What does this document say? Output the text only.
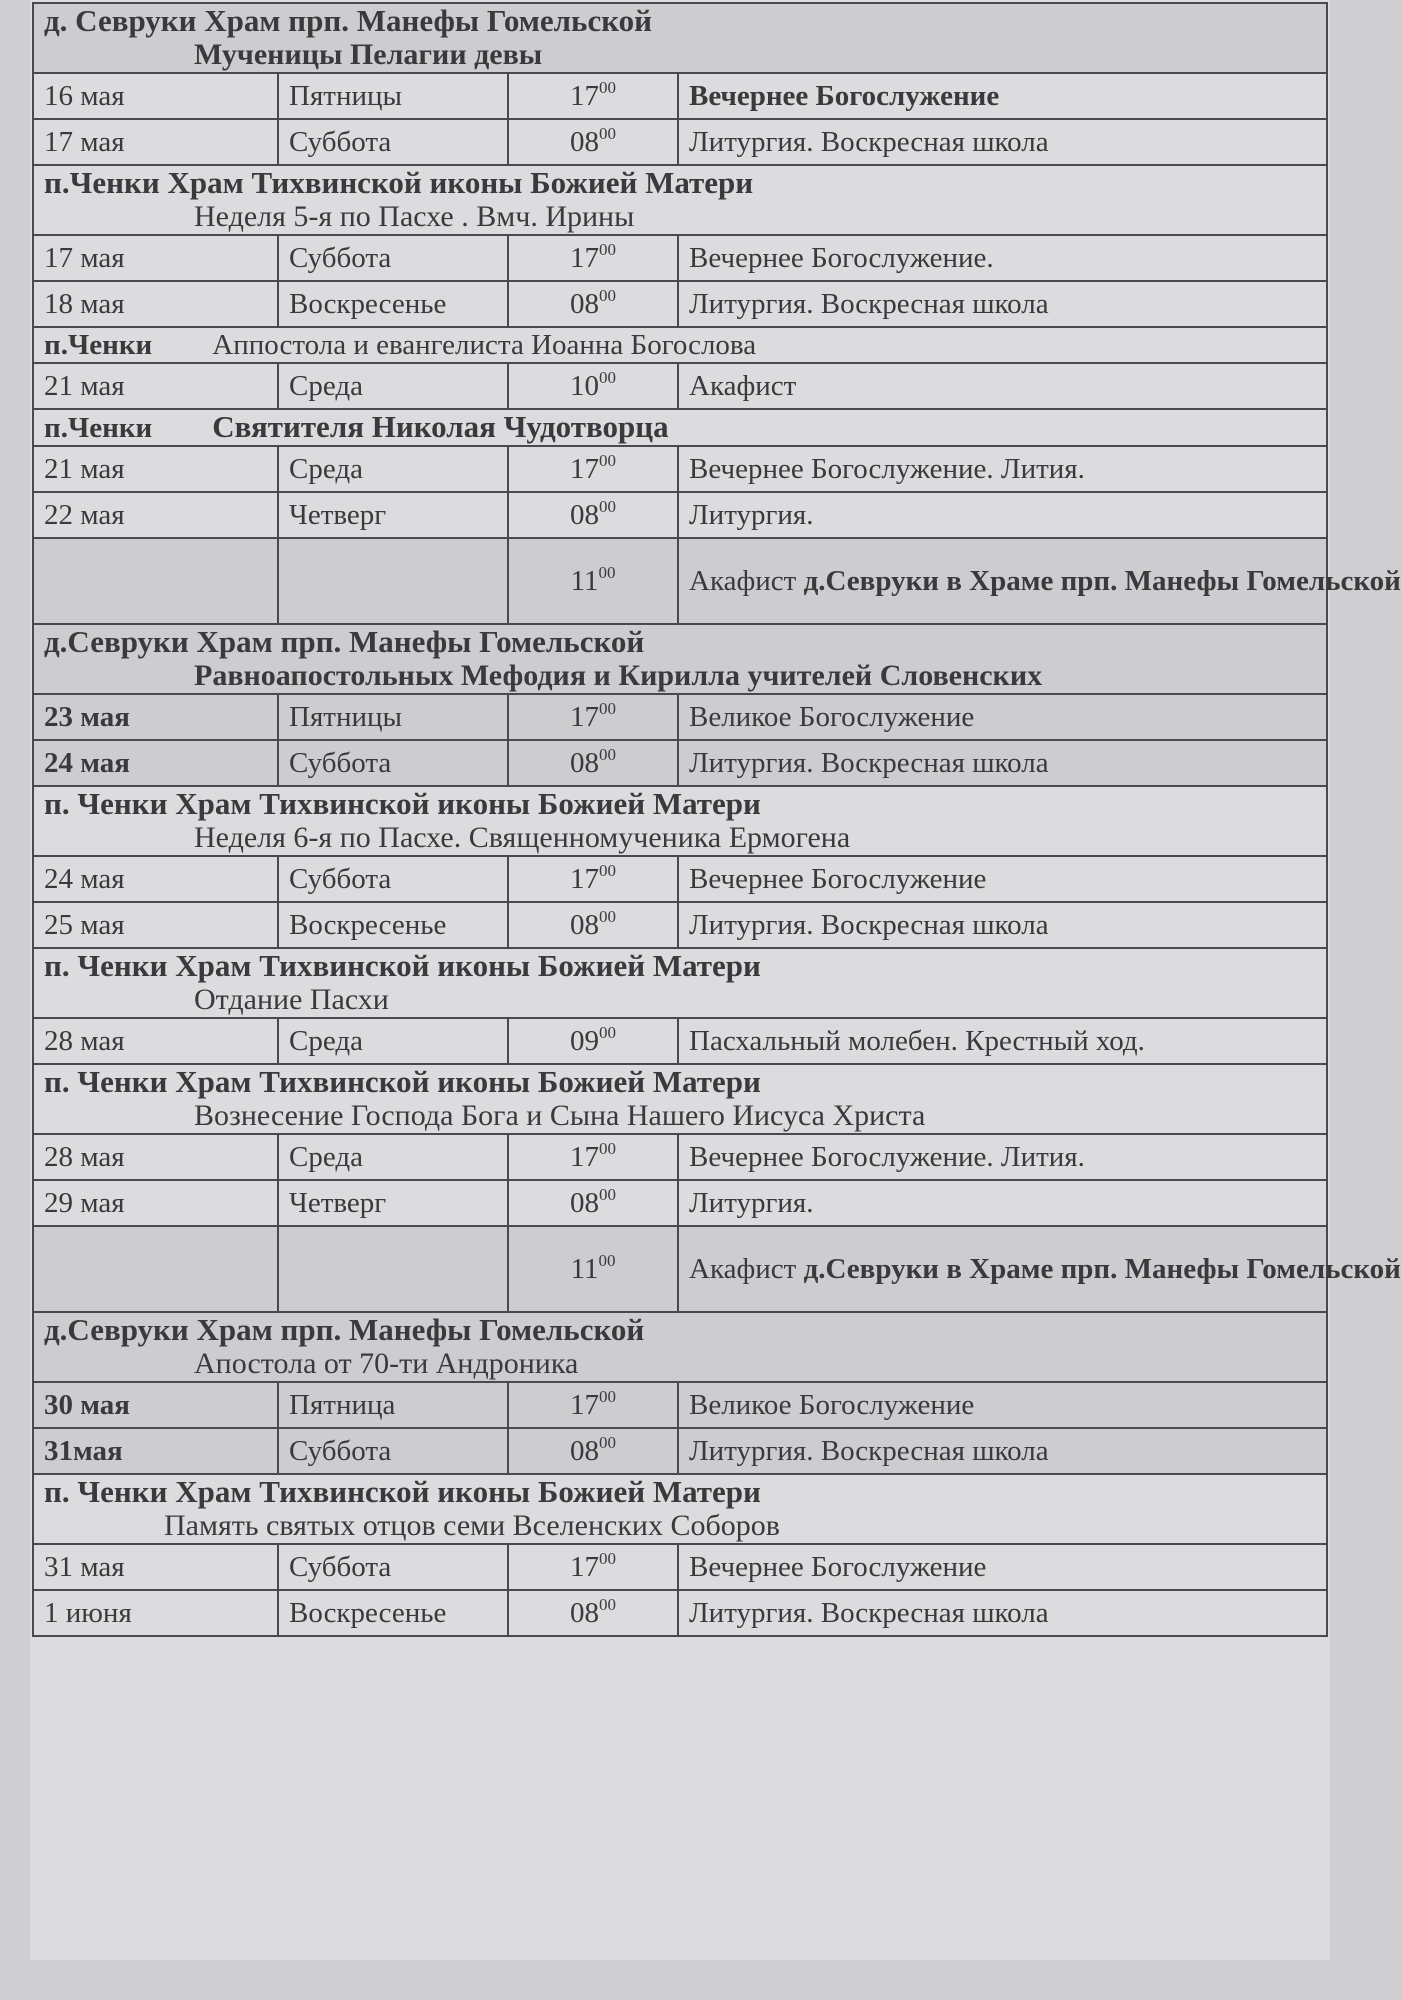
д. Севруки Храм прп. Манефы Гомельской
Мученицы Пелагии девы			

16 мая	Пятницы	$17^{00}$	Вечернее Богослужение
17 мая	Суббота	$08^{00}$	Литургия. Воскресная школа

п.Ченки Храм Тихвинской иконы Божией Матери
Неделя 5-я по Пасхе . Вмч. Ирины			

17 мая	Суббота	$17^{00}$	Вечернее Богослужение.
18 мая	Воскресенье	$08^{00}$	Литургия. Воскресная школа
п.Ченки Аппостола и евангелиста Иоанна Богослова			
21 мая	Среда	$10^{00}$	Акафист
п.Ченки Святителя Николая Чудотворца			
21 мая	Среда	$17^{00}$	Вечернее Богослужение. Лития.
22 мая	Четверг	$08^{00}$	Литургия.
		$11^{00}$	Акафист д.Севруки в Храме прп. Манефы Гомельской

д.Севруки Храм прп. Манефы Гомельской
Равноапостольных Мефодия и Кирилла учителей Словенских			

23 мая	Пятницы	$17^{00}$	Великое Богослужение
24 мая	Суббота	$08^{00}$	Литургия. Воскресная школа

п. Ченки Храм Тихвинской иконы Божией Матери
Неделя 6-я по Пасхе. Священномученика Ермогена			

24 мая	Суббота	$17^{00}$	Вечернее Богослужение
25 мая	Воскресенье	$08^{00}$	Литургия. Воскресная школа

п. Ченки Храм Тихвинской иконы Божией Матери
Отдание Пасхи			

28 мая	Среда	$09^{00}$	Пасхальный молебен. Крестный ход.

п. Ченки Храм Тихвинской иконы Божией Матери
Вознесение Господа Бога и Сына Нашего Иисуса Христа			

28 мая	Среда	$17^{00}$	Вечернее Богослужение. Лития.
29 мая	Четверг	$08^{00}$	Литургия.
		$11^{00}$	Акафист д.Севруки в Храме прп. Манефы Гомельской

д.Севруки Храм прп. Манефы Гомельской
Апостола от 70-ти Андроника			

30 мая	Пятница	$17^{00}$	Великое Богослужение
31мая	Суббота	$08^{00}$	Литургия. Воскресная школа

п. Ченки Храм Тихвинской иконы Божией Матери
Память святых отцов семи Вселенских Соборов			

31 мая	Суббота	$17^{00}$	Вечернее Богослужение
1 июня	Воскресенье	$08^{00}$	Литургия. Воскресная школа
